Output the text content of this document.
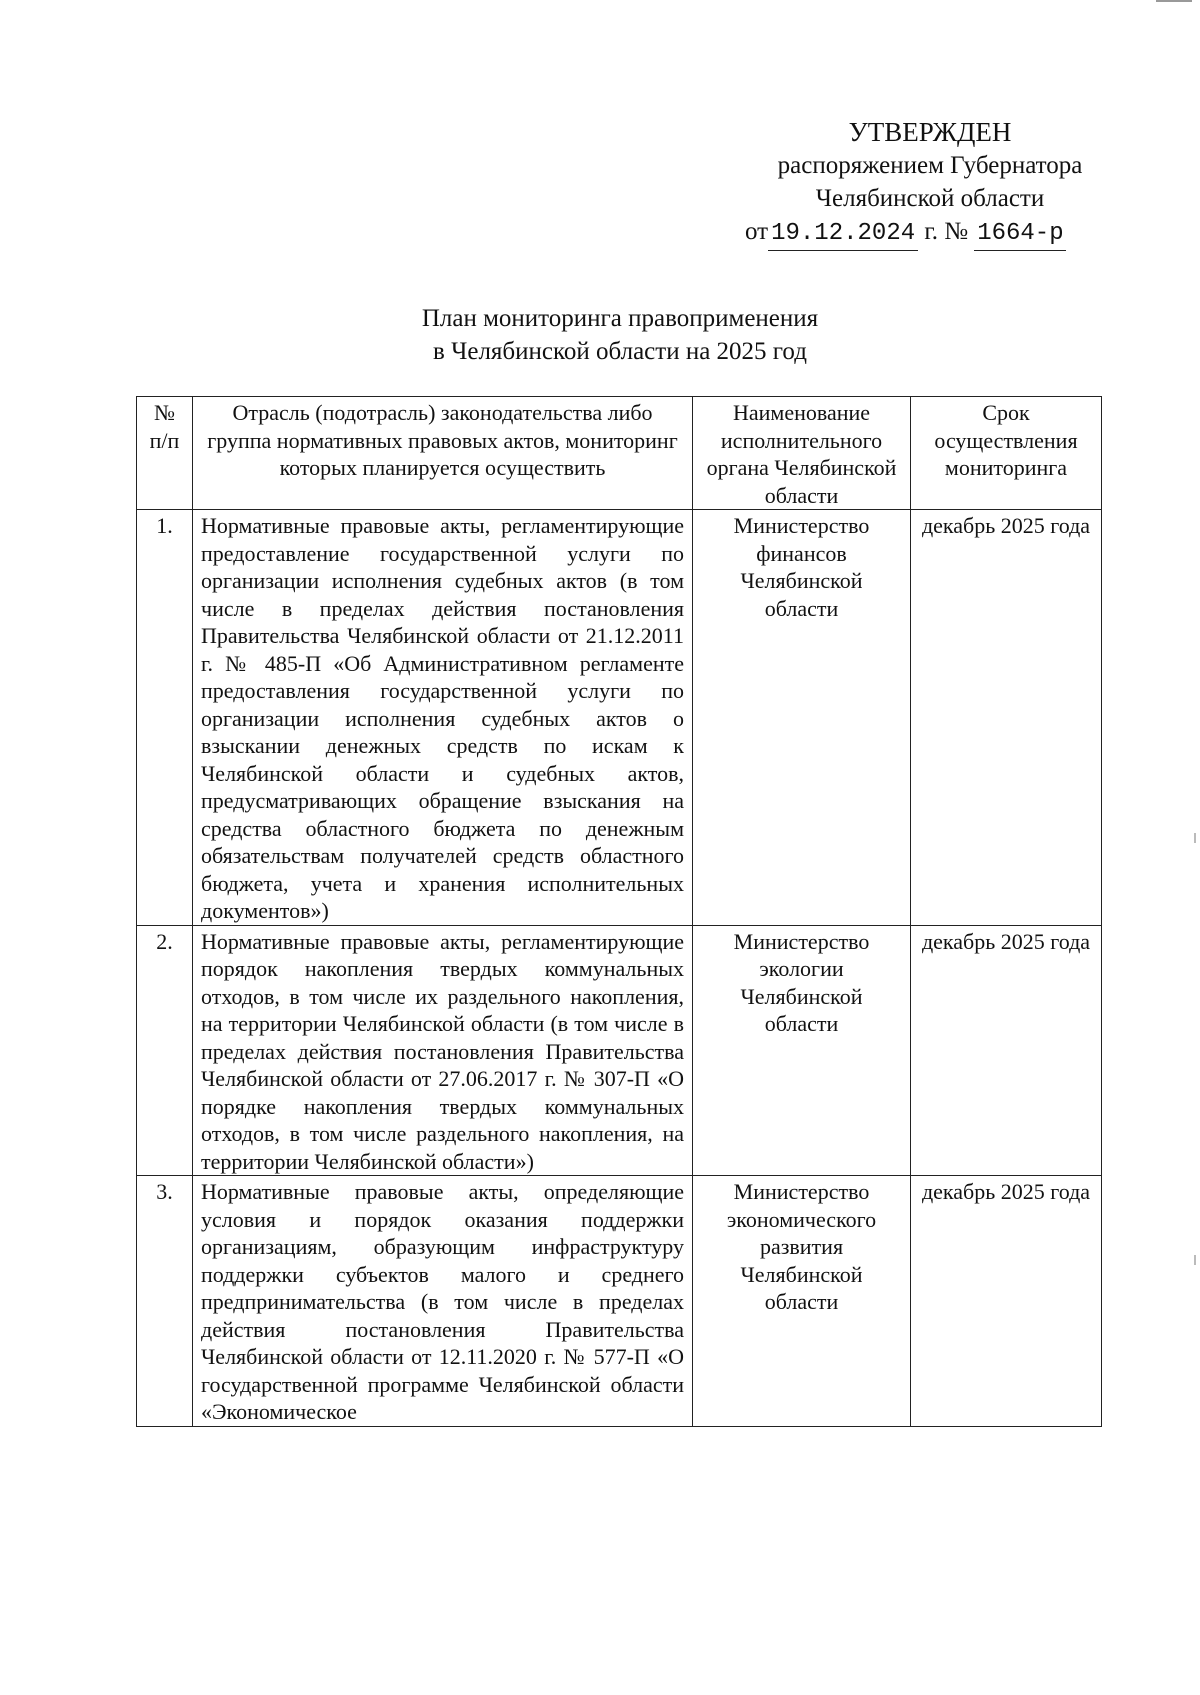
УТВЕРЖДЕН
распоряжением Губернатора
Челябинской области
от 19.12.2024 г. № 1664-р
План мониторинга правоприменения
в Челябинской области на 2025 год
№ п/п	Отрасль (подотрасль) законодательства либо группа нормативных правовых актов, мониторинг которых планируется осуществить	Наименование исполнительного органа Челябинской области	Срок осуществления мониторинга
1.	Нормативные правовые акты, регламентирующие предоставление государственной услуги по организации исполнения судебных актов (в том числе в пределах действия постановления Правительства Челябинской области от 21.12.2011 г. № 485-П «Об Административном регламенте предоставления государственной услуги по организации исполнения судебных актов о взыскании денежных средств по искам к Челябинской области и судебных актов, предусматривающих обращение взыскания на средства областного бюджета по денежным обязательствам получателей средств областного бюджета, учета и хранения исполнительных документов»)	Министерство финансов Челябинской области	декабрь 2025 года
2.	Нормативные правовые акты, регламентирующие порядок накопления твердых коммунальных отходов, в том числе их раздельного накопления, на территории Челябинской области (в том числе в пределах действия постановления Правительства Челябинской области от 27.06.2017 г. № 307-П «О порядке накопления твердых коммунальных отходов, в том числе раздельного накопления, на территории Челябинской области»)	Министерство экологии Челябинской области	декабрь 2025 года
3.	Нормативные правовые акты, определяющие условия и порядок оказания поддержки организациям, образующим инфраструктуру поддержки субъектов малого и среднего предпринимательства (в том числе в пределах действия постановления Правительства Челябинской области от 12.11.2020 г. № 577-П «О государственной программе Челябинской области «Экономическое	Министерство экономического развития Челябинской области	декабрь 2025 года
